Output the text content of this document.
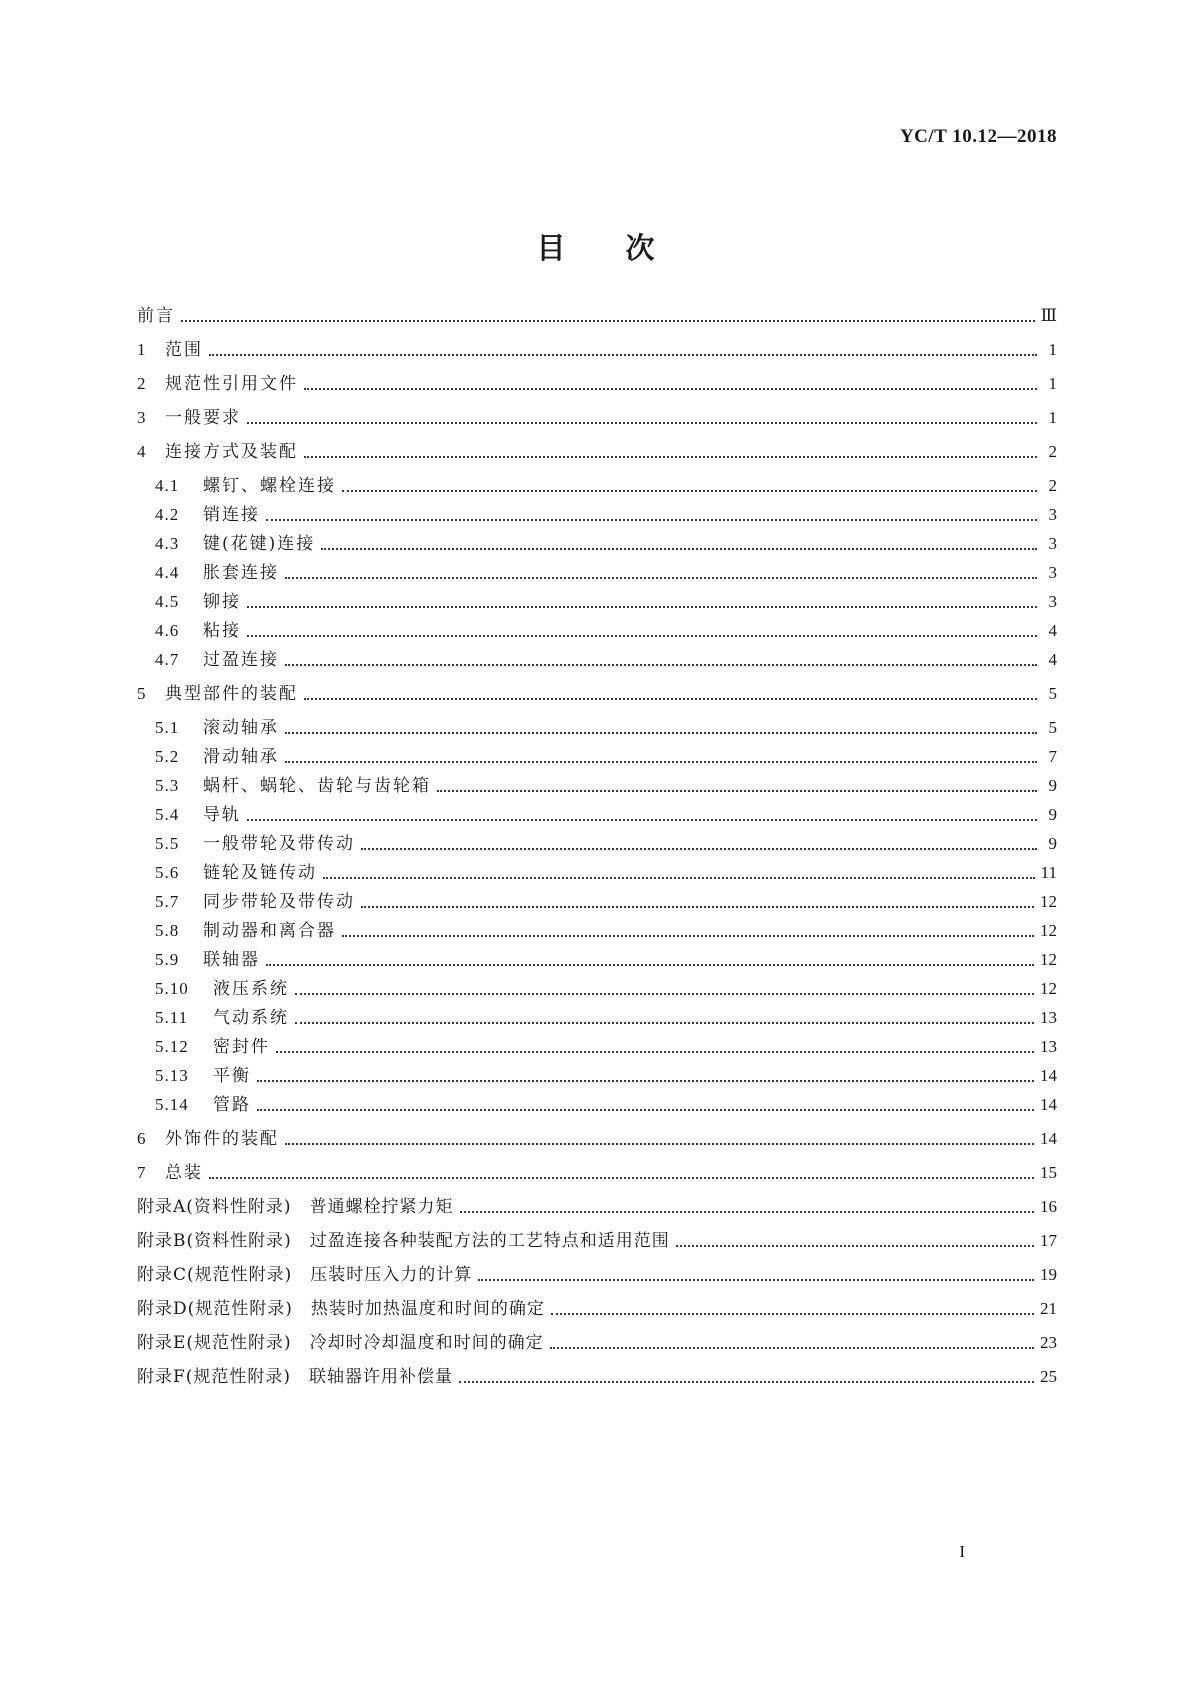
YC/T 10.12—2018
目次
前言	Ⅲ
1	范围	1
2	规范性引用文件	1
3	一般要求	1
4	连接方式及装配	2
4.1	螺钉、螺栓连接	2
4.2	销连接	3
4.3	键(花键)连接	3
4.4	胀套连接	3
4.5	铆接	3
4.6	粘接	4
4.7	过盈连接	4
5	典型部件的装配	5
5.1	滚动轴承	5
5.2	滑动轴承	7
5.3	蜗杆、蜗轮、齿轮与齿轮箱	9
5.4	导轨	9
5.5	一般带轮及带传动	9
5.6	链轮及链传动	11
5.7	同步带轮及带传动	12
5.8	制动器和离合器	12
5.9	联轴器	12
5.10	液压系统	12
5.11	气动系统	13
5.12	密封件	13
5.13	平衡	14
5.14	管路	14
6	外饰件的装配	14
7	总装	15
附录A(资料性附录)　普通螺栓拧紧力矩	16
附录B(资料性附录)　过盈连接各种装配方法的工艺特点和适用范围	17
附录C(规范性附录)　压装时压入力的计算	19
附录D(规范性附录)　热装时加热温度和时间的确定	21
附录E(规范性附录)　冷却时冷却温度和时间的确定	23
附录F(规范性附录)　联轴器许用补偿量	25
I
